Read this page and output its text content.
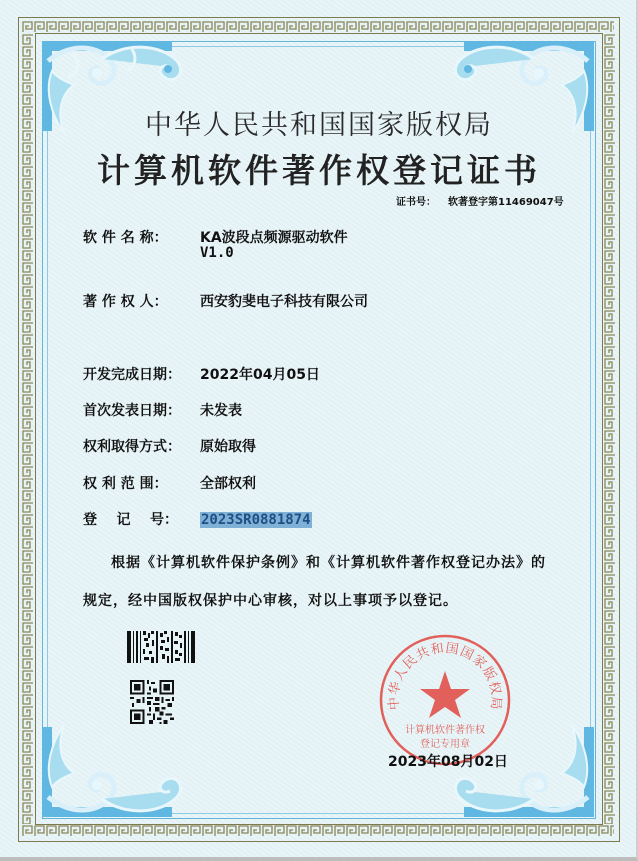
中华人民共和国国家版权局
计算机软件著作权登记证书
证书号： 软著登字第11469047号
软 件 名 称： KA波段点频源驱动软件
V1.0
著 作 权 人： 西安豹斐电子科技有限公司
开发完成日期： 2022年04月05日
首次发表日期： 未发表
权利取得方式： 原始取得
权 利 范 围： 全部权利
登    记    号： 2023SR0881874
根据《计算机软件保护条例》和《计算机软件著作权登记办法》的
规定，经中国版权保护中心审核，对以上事项予以登记。
中华人民共和国国家版权局
计算机软件著作权
登记专用章
2023年08月02日
